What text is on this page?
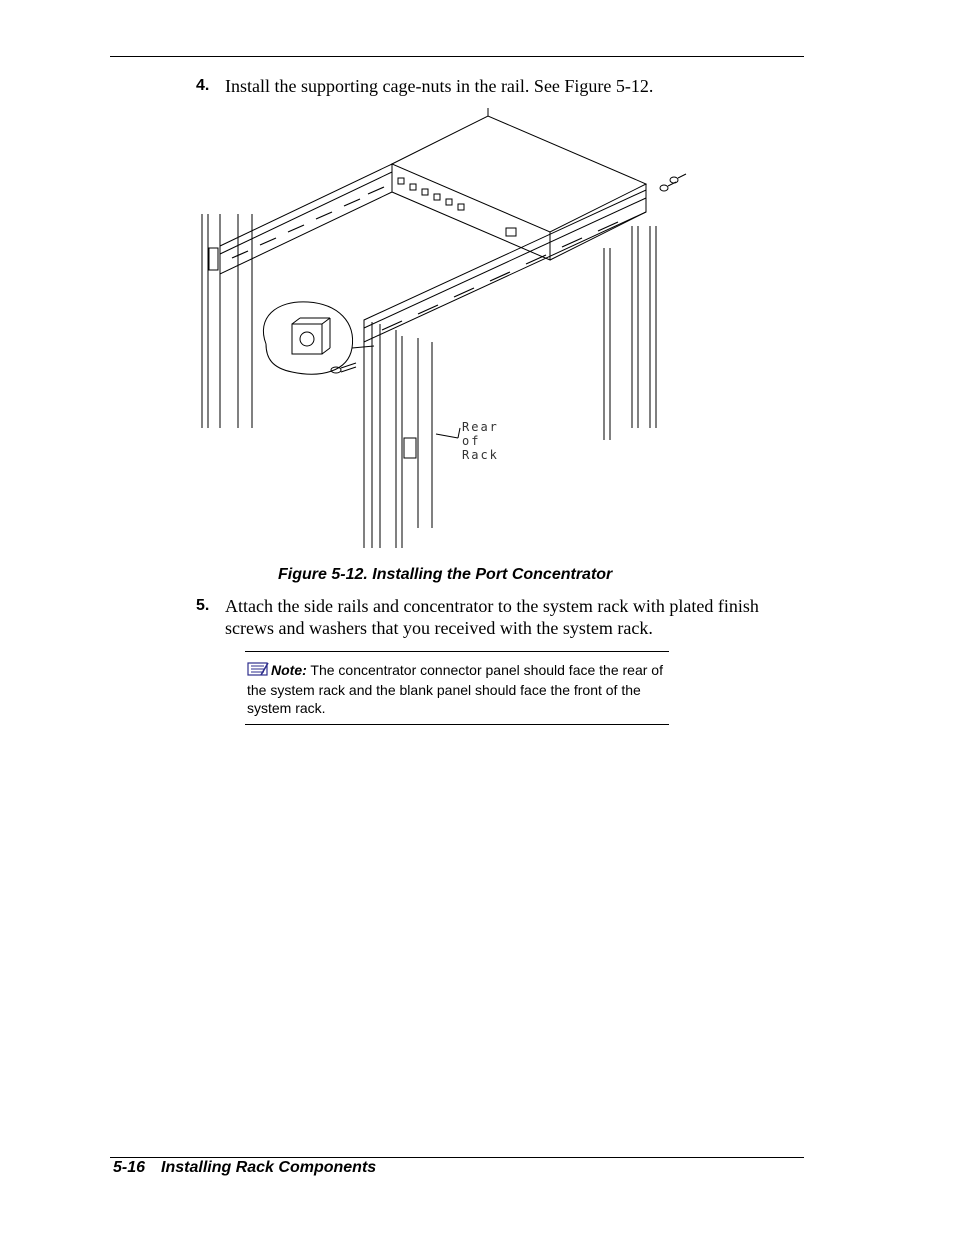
4. Install the supporting cage-nuts in the rail. See Figure 5-12.
Rear
of
Rack
Figure 5-12. Installing the Port Concentrator
5. Attach the side rails and concentrator to the system rack with plated finish screws and washers that you received with the system rack.
Note: The concentrator connector panel should face the rear of the system rack and the blank panel should face the front of the system rack.
5-16 Installing Rack Components
